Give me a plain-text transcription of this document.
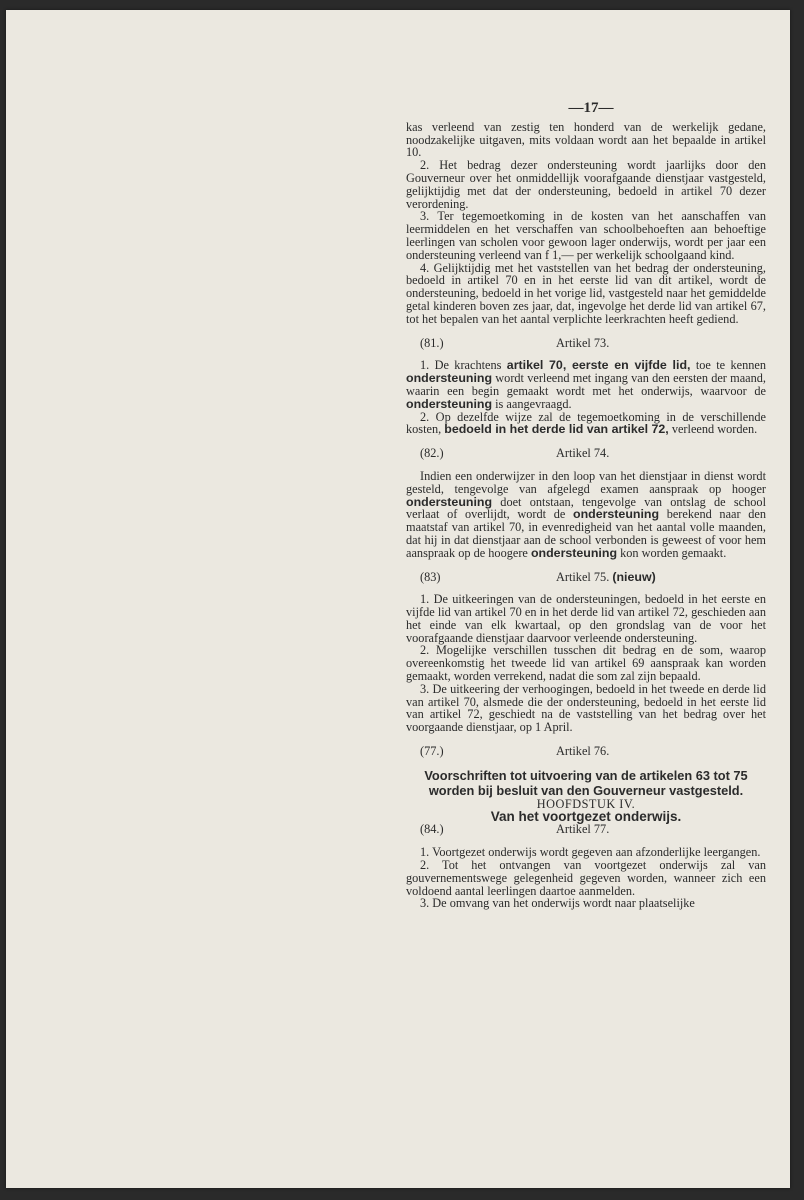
—17—

kas verleend van zestig ten honderd van de werkelijk gedane, noodzakelijke uitgaven, mits voldaan wordt aan het bepaalde in artikel 10.

2. Het bedrag dezer ondersteuning wordt jaarlijks door den Gouverneur over het onmiddellijk voorafgaande dienstjaar vastgesteld, gelijktijdig met dat der ondersteuning, bedoeld in artikel 70 dezer verordening.

3. Ter tegemoetkoming in de kosten van het aanschaffen van leermiddelen en het verschaffen van schoolbehoeften aan behoeftige leerlingen van scholen voor gewoon lager onderwijs, wordt per jaar een ondersteuning verleend van f 1,— per werkelijk schoolgaand kind.

4. Gelijktijdig met het vaststellen van het bedrag der ondersteuning, bedoeld in artikel 70 en in het eerste lid van dit artikel, wordt de ondersteuning, bedoeld in het vorige lid, vastgesteld naar het gemiddelde getal kinderen boven zes jaar, dat, ingevolge het derde lid van artikel 67, tot het bepalen van het aantal verplichte leerkrachten heeft gediend.

(81.)	Artikel 73.

1. De krachtens artikel 70, eerste en vijfde lid, toe te kennen ondersteuning wordt verleend met ingang van den eersten der maand, waarin een begin gemaakt wordt met het onderwijs, waarvoor de ondersteuning is aangevraagd.

2. Op dezelfde wijze zal de tegemoetkoming in de verschillende kosten, bedoeld in het derde lid van artikel 72, verleend worden.

(82.)	Artikel 74.

Indien een onderwijzer in den loop van het dienstjaar in dienst wordt gesteld, tengevolge van afgelegd examen aanspraak op hooger ondersteuning doet ontstaan, tengevolge van ontslag de school verlaat of overlijdt, wordt de ondersteuning berekend naar den maatstaf van artikel 70, in evenredigheid van het aantal volle maanden, dat hij in dat dienstjaar aan de school verbonden is geweest of voor hem aanspraak op de hoogere ondersteuning kon worden gemaakt.

(83)	Artikel 75. (nieuw)

1. De uitkeeringen van de ondersteuningen, bedoeld in het eerste en vijfde lid van artikel 70 en in het derde lid van artikel 72, geschieden aan het einde van elk kwartaal, op den grondslag van de voor het voorafgaande dienstjaar daarvoor verleende ondersteuning.

2. Mogelijke verschillen tusschen dit bedrag en de som, waarop overeenkomstig het tweede lid van artikel 69 aanspraak kan worden gemaakt, worden verrekend, nadat die som zal zijn bepaald.

3. De uitkeering der verhoogingen, bedoeld in het tweede en derde lid van artikel 70, alsmede die der ondersteuning, bedoeld in het eerste lid van artikel 72, geschiedt na de vaststelling van het bedrag over het voorgaande dienstjaar, op 1 April.

(77.)	Artikel 76.

Voorschriften tot uitvoering van de artikelen 63 tot 75 worden bij besluit van den Gouverneur vastgesteld.

HOOFDSTUK IV.

Van het voortgezet onderwijs.

(84.)	Artikel 77.

1. Voortgezet onderwijs wordt gegeven aan afzonderlijke leergangen.

2. Tot het ontvangen van voortgezet onderwijs zal van gouvernementswege gelegenheid gegeven worden, wanneer zich een voldoend aantal leerlingen daartoe aanmelden.

3. De omvang van het onderwijs wordt naar plaatselijke
